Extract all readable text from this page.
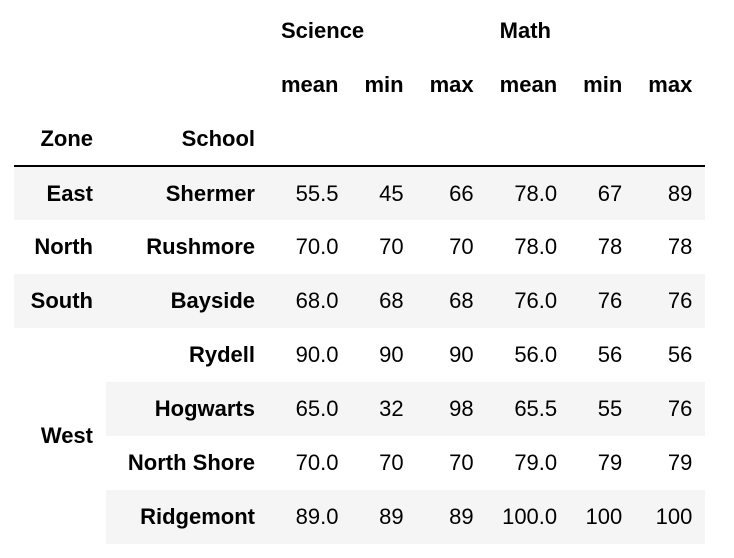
		Science			Math		
		mean	min	max	mean	min	max
Zone	School						
East	Shermer	55.5	45	66	78.0	67	89
North	Rushmore	70.0	70	70	78.0	78	78
South	Bayside	68.0	68	68	76.0	76	76
West	Rydell	90.0	90	90	56.0	56	56
	Hogwarts	65.0	32	98	65.5	55	76
	North Shore	70.0	70	70	79.0	79	79
	Ridgemont	89.0	89	89	100.0	100	100
